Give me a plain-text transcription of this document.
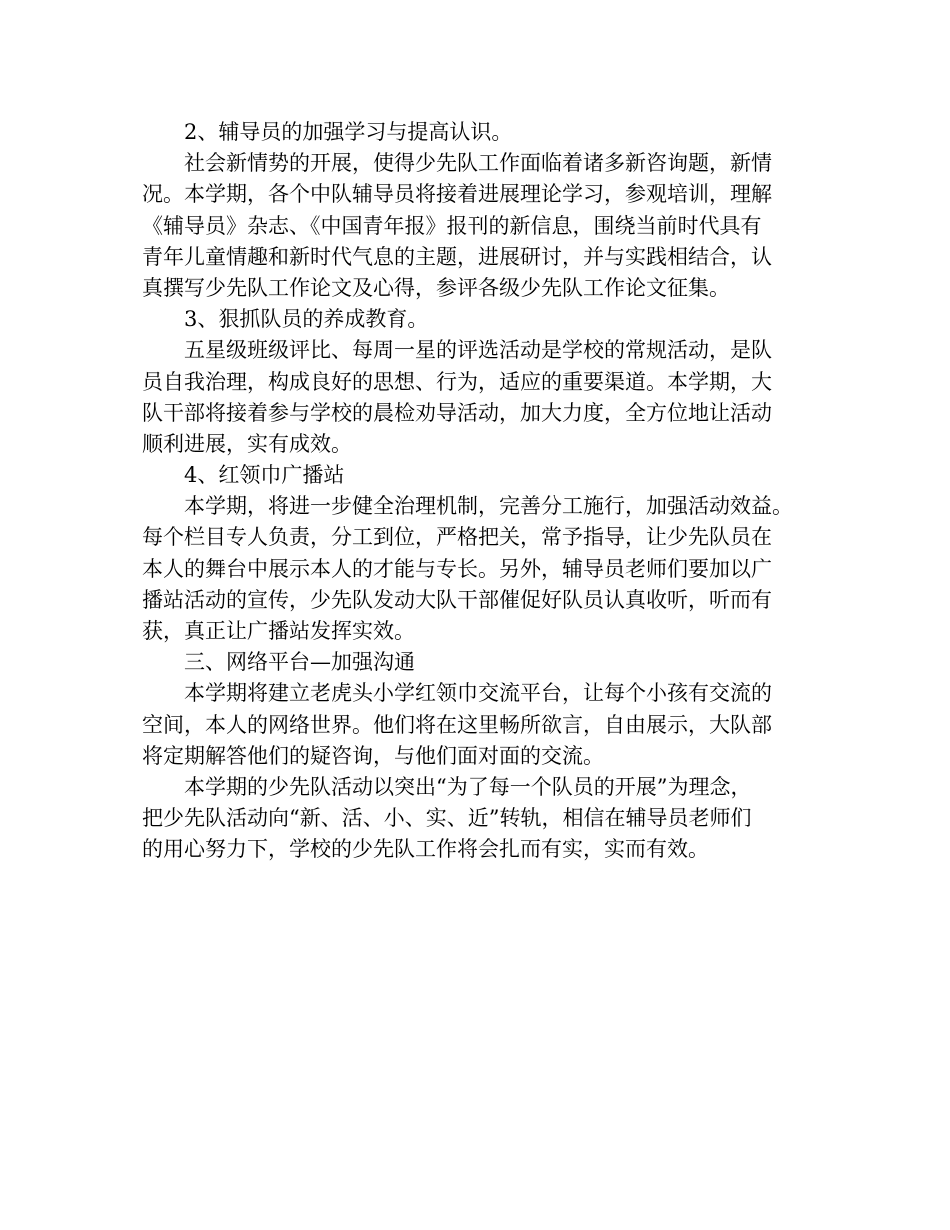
2、辅导员的加强学习与提高认识。
社会新情势的开展，使得少先队工作面临着诸多新咨询题，新情
况。本学期，各个中队辅导员将接着进展理论学习，参观培训，理解
《辅导员》杂志、《中国青年报》报刊的新信息，围绕当前时代具有
青年儿童情趣和新时代气息的主题，进展研讨，并与实践相结合，认
真撰写少先队工作论文及心得，参评各级少先队工作论文征集。
3、狠抓队员的养成教育。
五星级班级评比、每周一星的评选活动是学校的常规活动，是队
员自我治理，构成良好的思想、行为，适应的重要渠道。本学期，大
队干部将接着参与学校的晨检劝导活动，加大力度，全方位地让活动
顺利进展，实有成效。
4、红领巾广播站
本学期，将进一步健全治理机制，完善分工施行，加强活动效益。
每个栏目专人负责，分工到位，严格把关，常予指导，让少先队员在
本人的舞台中展示本人的才能与专长。另外，辅导员老师们要加以广
播站活动的宣传，少先队发动大队干部催促好队员认真收听，听而有
获，真正让广播站发挥实效。
三、网络平台—加强沟通
本学期将建立老虎头小学红领巾交流平台，让每个小孩有交流的
空间，本人的网络世界。他们将在这里畅所欲言，自由展示，大队部
将定期解答他们的疑咨询，与他们面对面的交流。
本学期的少先队活动以突出“为了每一个队员的开展”为理念，
把少先队活动向“新、活、小、实、近”转轨，相信在辅导员老师们
的用心努力下，学校的少先队工作将会扎而有实，实而有效。
